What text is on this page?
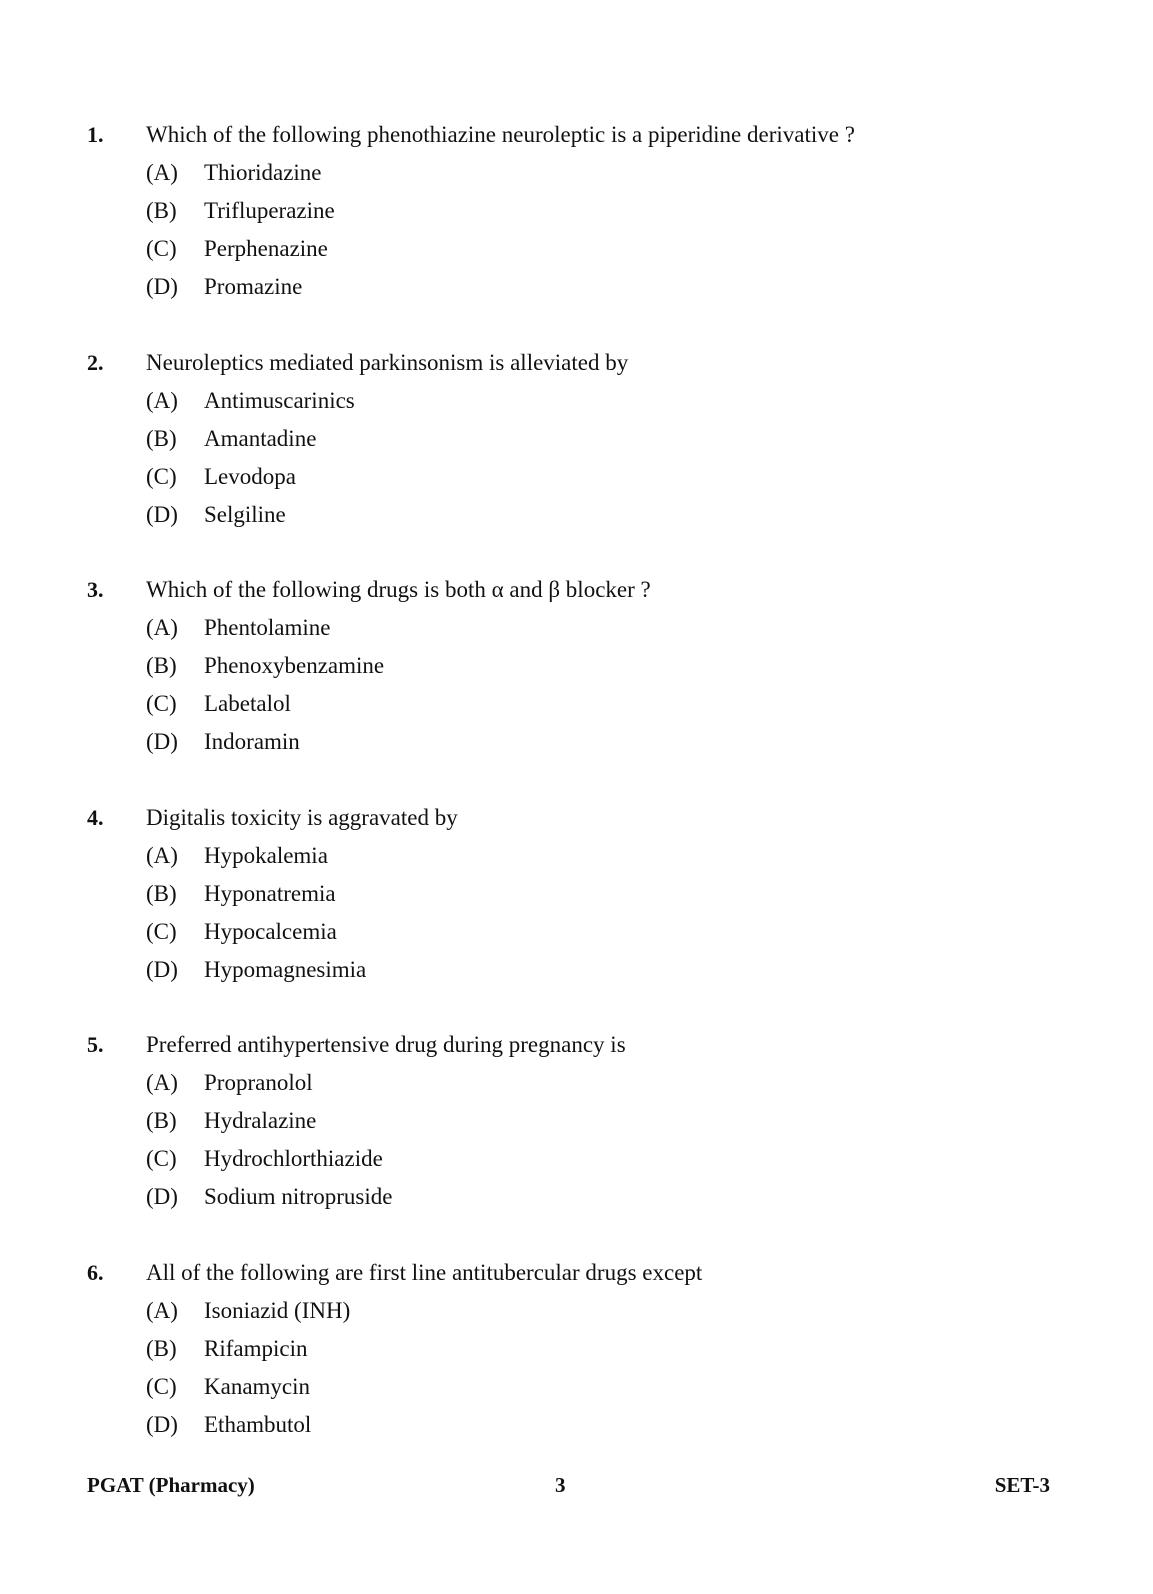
1. Which of the following phenothiazine neuroleptic is a piperidine derivative ?
(A) Thioridazine
(B) Trifluperazine
(C) Perphenazine
(D) Promazine
2. Neuroleptics mediated parkinsonism is alleviated by
(A) Antimuscarinics
(B) Amantadine
(C) Levodopa
(D) Selgiline
3. Which of the following drugs is both α and β blocker ?
(A) Phentolamine
(B) Phenoxybenzamine
(C) Labetalol
(D) Indoramin
4. Digitalis toxicity is aggravated by
(A) Hypokalemia
(B) Hyponatremia
(C) Hypocalcemia
(D) Hypomagnesimia
5. Preferred antihypertensive drug during pregnancy is
(A) Propranolol
(B) Hydralazine
(C) Hydrochlorthiazide
(D) Sodium nitropruside
6. All of the following are first line antitubercular drugs except
(A) Isoniazid (INH)
(B) Rifampicin
(C) Kanamycin
(D) Ethambutol
PGAT (Pharmacy)	3	SET-3
